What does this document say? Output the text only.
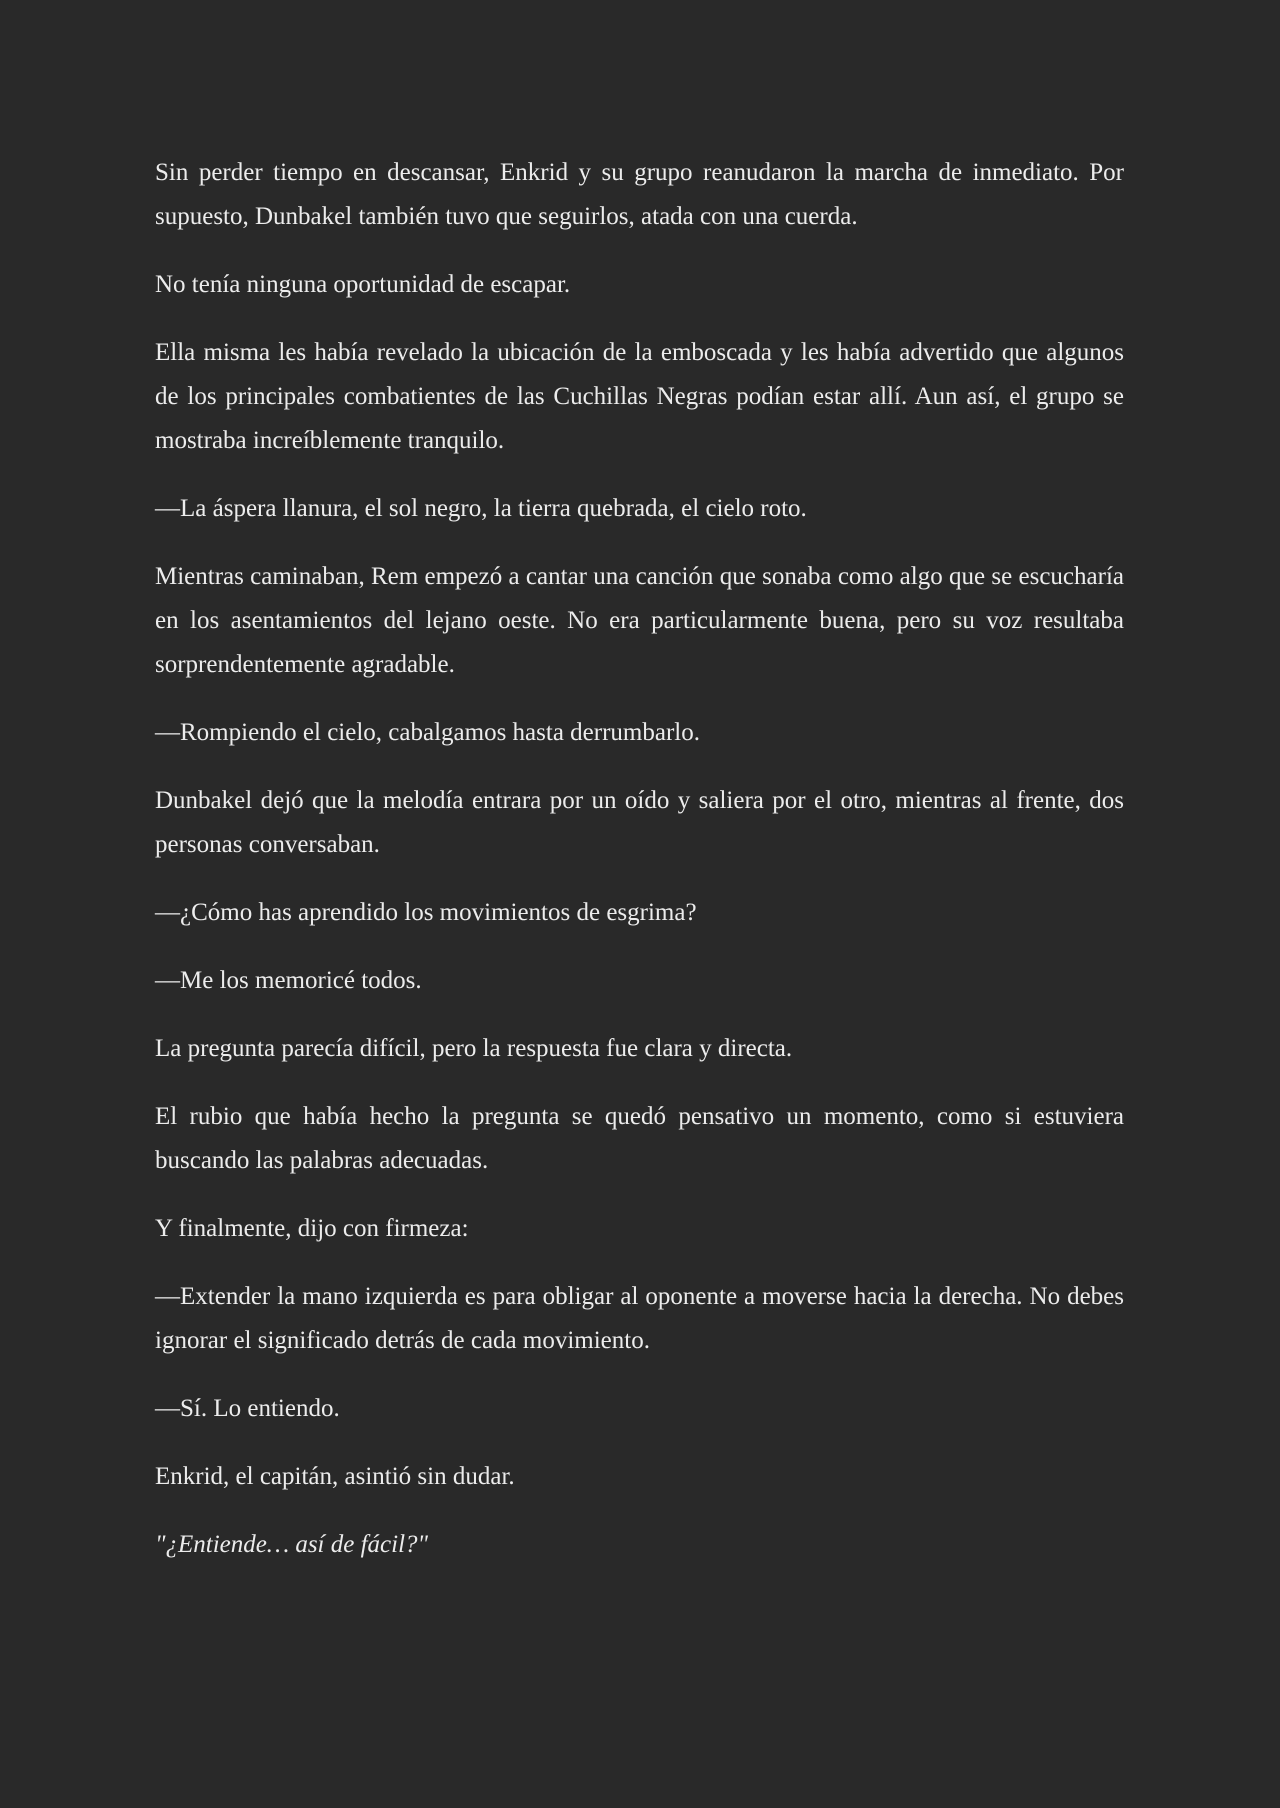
Sin perder tiempo en descansar, Enkrid y su grupo reanudaron la marcha de inmediato. Por supuesto, Dunbakel también tuvo que seguirlos, atada con una cuerda.

No tenía ninguna oportunidad de escapar.

Ella misma les había revelado la ubicación de la emboscada y les había advertido que algunos de los principales combatientes de las Cuchillas Negras podían estar allí. Aun así, el grupo se mostraba increíblemente tranquilo.

—La áspera llanura, el sol negro, la tierra quebrada, el cielo roto.

Mientras caminaban, Rem empezó a cantar una canción que sonaba como algo que se escucharía en los asentamientos del lejano oeste. No era particularmente buena, pero su voz resultaba sorprendentemente agradable.

—Rompiendo el cielo, cabalgamos hasta derrumbarlo.

Dunbakel dejó que la melodía entrara por un oído y saliera por el otro, mientras al frente, dos personas conversaban.

—¿Cómo has aprendido los movimientos de esgrima?

—Me los memoricé todos.

La pregunta parecía difícil, pero la respuesta fue clara y directa.

El rubio que había hecho la pregunta se quedó pensativo un momento, como si estuviera buscando las palabras adecuadas.

Y finalmente, dijo con firmeza:

—Extender la mano izquierda es para obligar al oponente a moverse hacia la derecha. No debes ignorar el significado detrás de cada movimiento.

—Sí. Lo entiendo.

Enkrid, el capitán, asintió sin dudar.

"¿Entiende… así de fácil?"
